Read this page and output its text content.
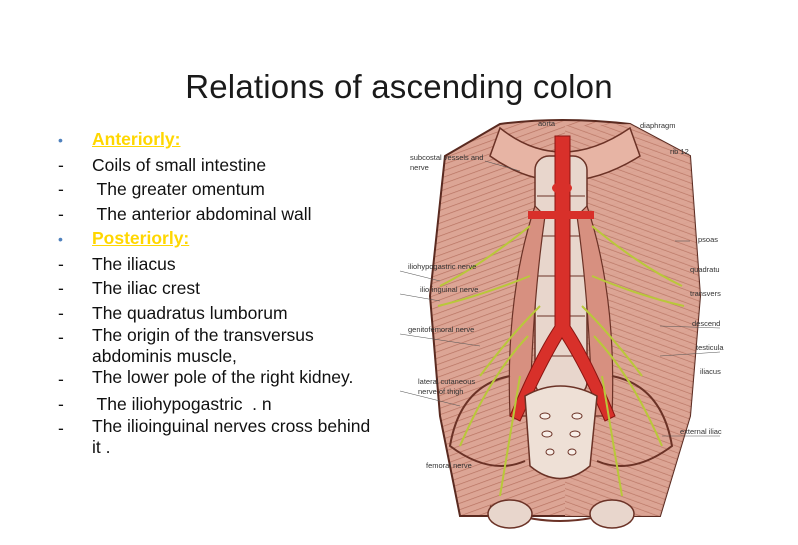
Relations of ascending colon
•	Anteriorly:
-	Coils of small intestine
-	The greater omentum
-	The anterior abdominal wall
•	Posteriorly:
-	The iliacus
-	The iliac crest
-	The quadratus lumborum
-	The origin of the transversus abdominis muscle,
-	The lower pole of the right kidney.
-	The iliohypogastric  . n
-	The ilioinguinal nerves cross behind it .
aorta	diaphragm
subcostal vessels and
nerve
rib 12
psoas
quadratu
transvers
iliohypogastric nerve
ilio-inguinal nerve
genitofemoral nerve
descend
testicula
iliacus
lateral cutaneous
nerve of thigh
external iliac
femoral nerve
